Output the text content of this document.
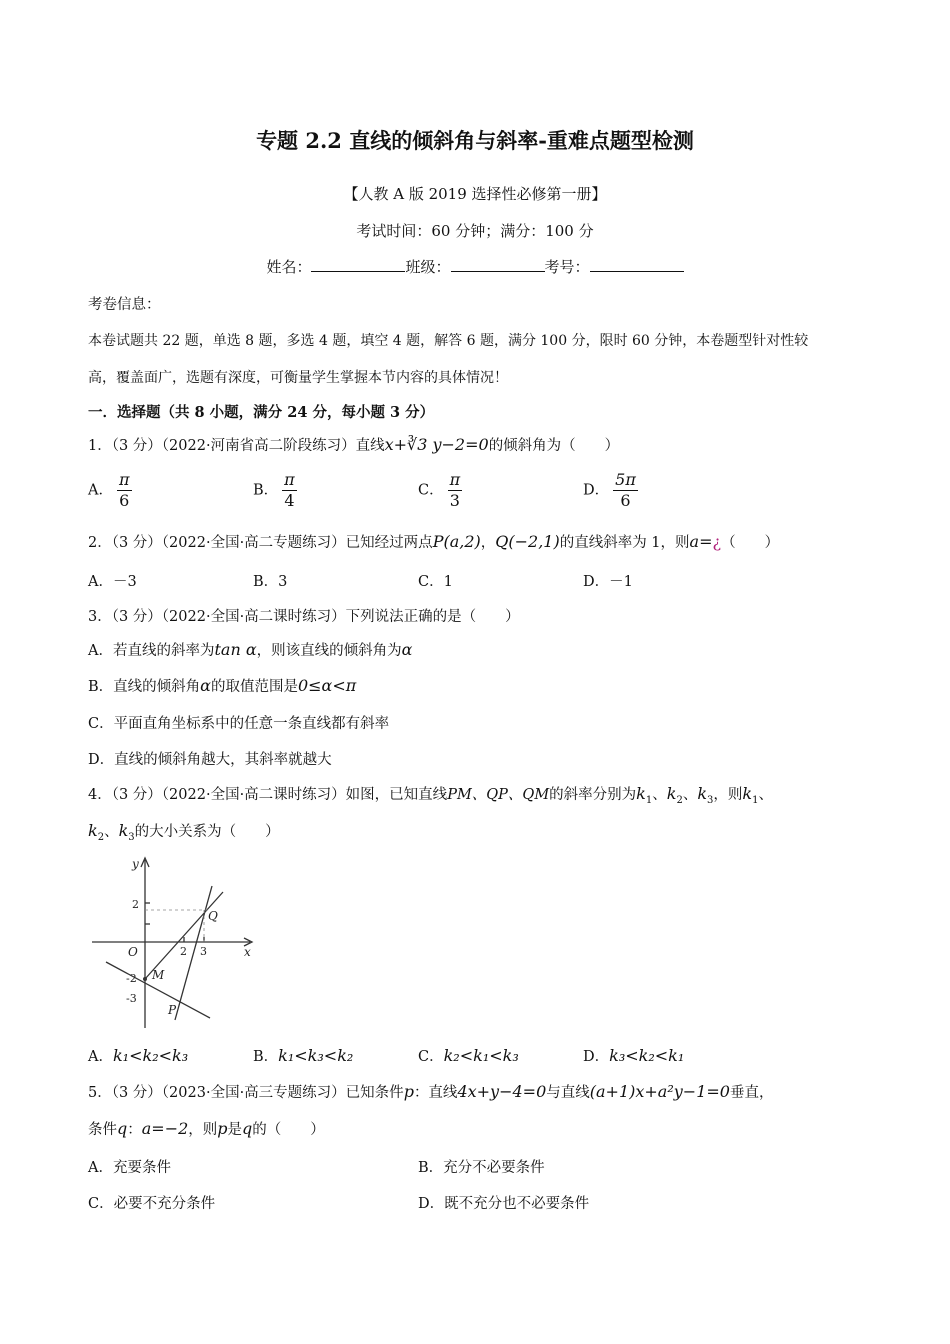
专题 2.2 直线的倾斜角与斜率-重难点题型检测
【人教 A 版 2019 选择性必修第一册】
考试时间：60 分钟；满分：100 分
姓名：	班级：	考号：
考卷信息：
本卷试题共 22 题，单选 8 题，多选 4 题，填空 4 题，解答 6 题，满分 100 分，限时 60 分钟，本卷题型针对性较
高，覆盖面广，选题有深度，可衡量学生掌握本节内容的具体情况！
一．选择题（共 8 小题，满分 24 分，每小题 3 分）
1．（3 分）（2022·河南省高二阶段练习）直线x+∛3 y−2=0的倾斜角为（　　）
A． $\frac{\pi}{6}$	B． $\frac{\pi}{4}$	C． $\frac{\pi}{3}$	D． $\frac{5\pi}{6}$
2．（3 分）（2022·全国·高二专题练习）已知经过两点P(a,2)，Q(−2,1)的直线斜率为 1，则a=¿（　　）
A．－3	B．3	C．1	D．－1
3．（3 分）（2022·全国·高二课时练习）下列说法正确的是（　　）
A．若直线的斜率为tan α，则该直线的倾斜角为α
B．直线的倾斜角α的取值范围是0≤α<π
C．平面直角坐标系中的任意一条直线都有斜率
D．直线的倾斜角越大，其斜率就越大
4．（3 分）（2022·全国·高二课时练习）如图，已知直线PM、QP、QM的斜率分别为$k_1$、$k_2$、$k_3$，则$k_1$、
$k_2$、$k_3$的大小关系为（　　）
y
x
O
M
P
Q
2
2 3
-2
-3
A．k₁<k₂<k₃	B．k₁<k₃<k₂	C．k₂<k₁<k₃	D．k₃<k₂<k₁
5．（3 分）（2023·全国·高三专题练习）已知条件p：直线4x+y−4=0与直线(a+1)x+a²y−1=0垂直，
条件q：a=−2，则p是q的（　　）
A．充要条件	B．充分不必要条件
C．必要不充分条件	D．既不充分也不必要条件
